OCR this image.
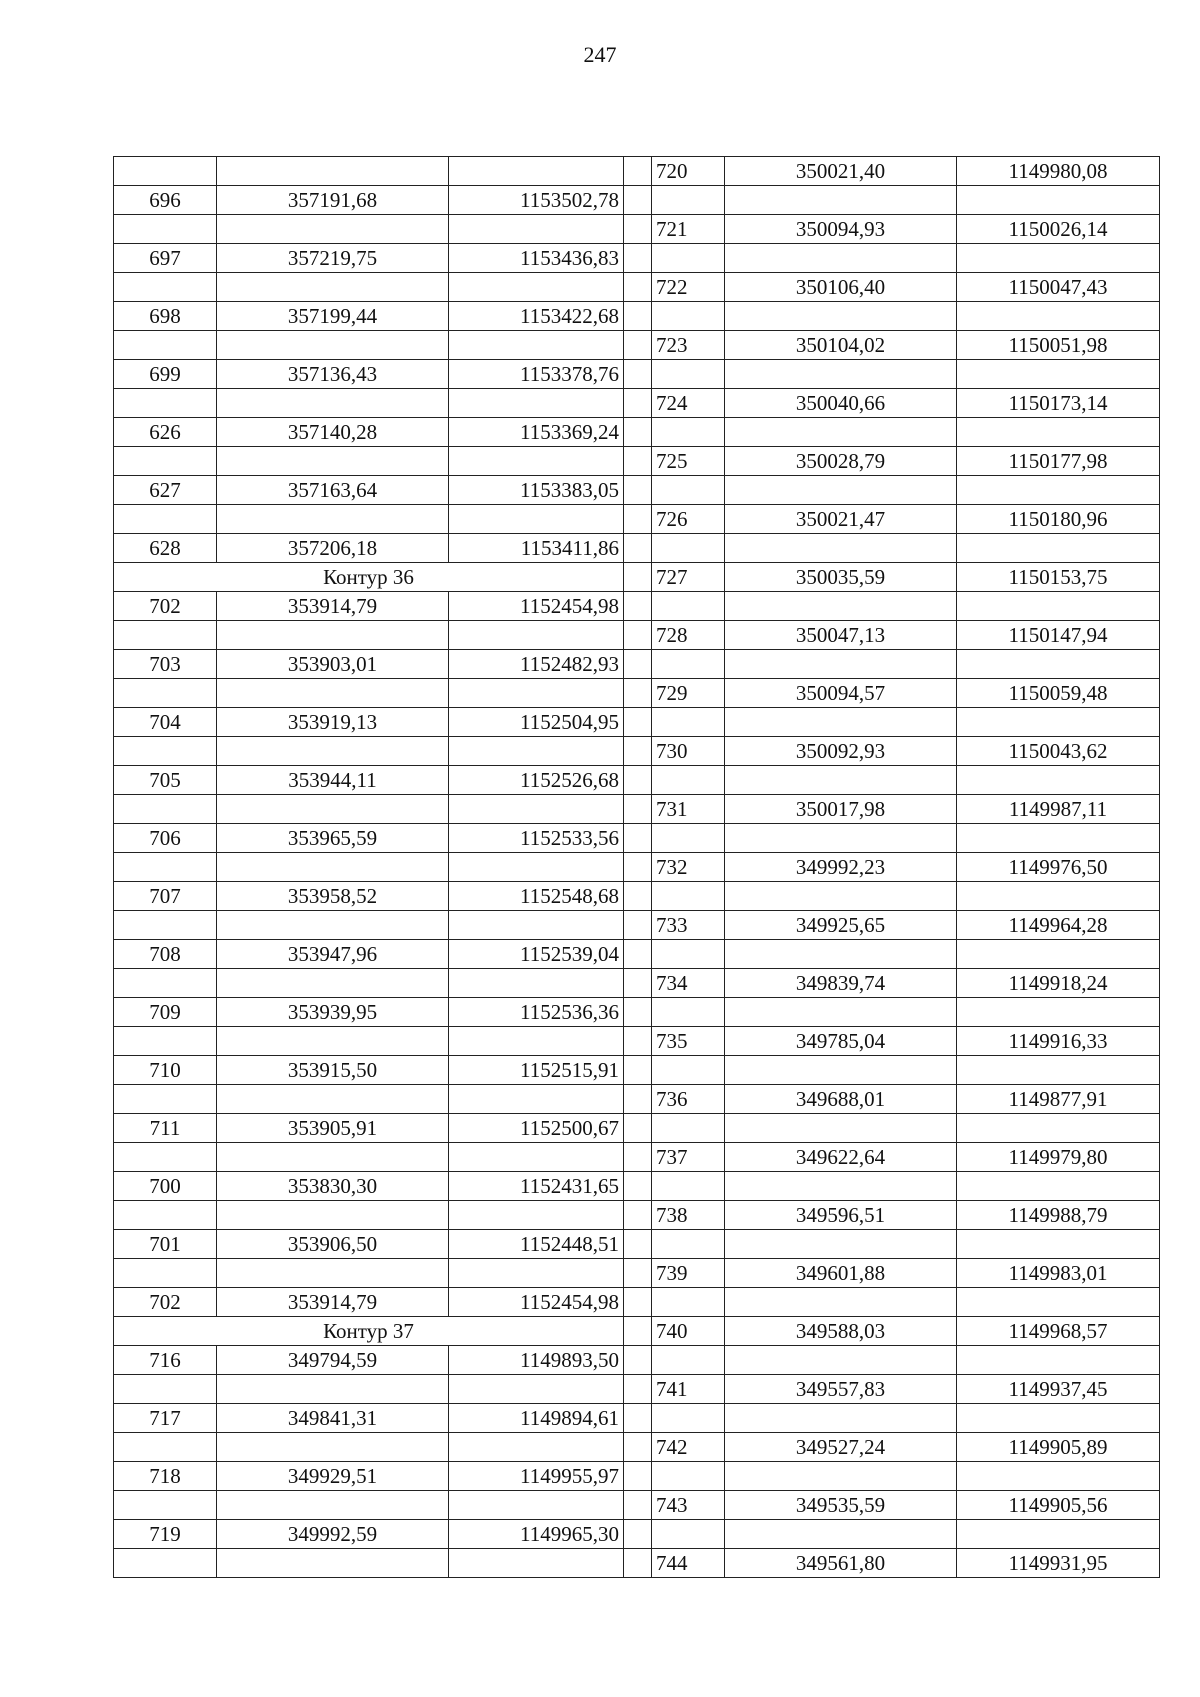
247
				720	350021,40	1149980,08
696	357191,68	1153502,78				
				721	350094,93	1150026,14
697	357219,75	1153436,83				
				722	350106,40	1150047,43
698	357199,44	1153422,68				
				723	350104,02	1150051,98
699	357136,43	1153378,76				
				724	350040,66	1150173,14
626	357140,28	1153369,24				
				725	350028,79	1150177,98
627	357163,64	1153383,05				
				726	350021,47	1150180,96
628	357206,18	1153411,86				
Контур 36				727	350035,59	1150153,75
702	353914,79	1152454,98				
				728	350047,13	1150147,94
703	353903,01	1152482,93				
				729	350094,57	1150059,48
704	353919,13	1152504,95				
				730	350092,93	1150043,62
705	353944,11	1152526,68				
				731	350017,98	1149987,11
706	353965,59	1152533,56				
				732	349992,23	1149976,50
707	353958,52	1152548,68				
				733	349925,65	1149964,28
708	353947,96	1152539,04				
				734	349839,74	1149918,24
709	353939,95	1152536,36				
				735	349785,04	1149916,33
710	353915,50	1152515,91				
				736	349688,01	1149877,91
711	353905,91	1152500,67				
				737	349622,64	1149979,80
700	353830,30	1152431,65				
				738	349596,51	1149988,79
701	353906,50	1152448,51				
				739	349601,88	1149983,01
702	353914,79	1152454,98				
Контур 37				740	349588,03	1149968,57
716	349794,59	1149893,50				
				741	349557,83	1149937,45
717	349841,31	1149894,61				
				742	349527,24	1149905,89
718	349929,51	1149955,97				
				743	349535,59	1149905,56
719	349992,59	1149965,30				
				744	349561,80	1149931,95
